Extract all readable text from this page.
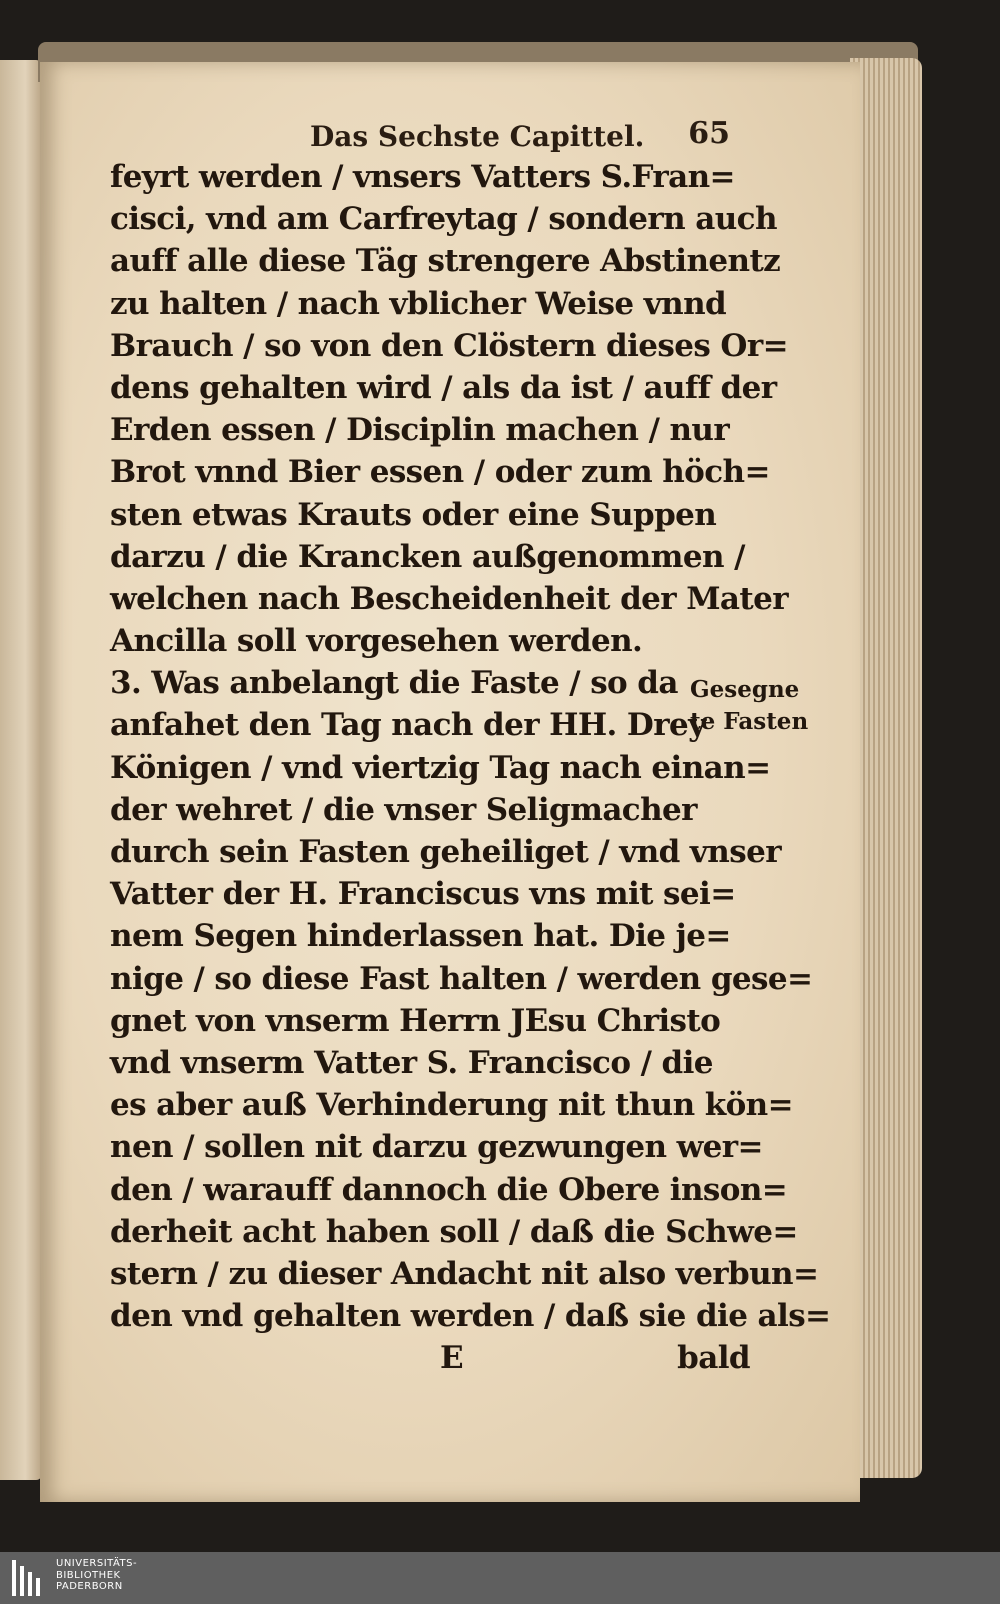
Das Sechste Capittel. 65
feyrt werden / vnsers Vatters S.Fran=
cisci, vnd am Carfreytag / sondern auch
auff alle diese Täg strengere Abstinentz
zu halten / nach vblicher Weise vnnd
Brauch / so von den Clöstern dieses Or=
dens gehalten wird / als da ist / auff der
Erden essen / Disciplin machen / nur
Brot vnnd Bier essen / oder zum höch=
sten etwas Krauts oder eine Suppen
darzu / die Krancken außgenommen /
welchen nach Bescheidenheit der Mater
Ancilla soll vorgesehen werden.
3. Was anbelangt die Faste / so da
anfahet den Tag nach der HH. Drey
Königen / vnd viertzig Tag nach einan=
der wehret / die vnser Seligmacher
durch sein Fasten geheiliget / vnd vnser
Vatter der H. Franciscus vns mit sei=
nem Segen hinderlassen hat. Die je=
nige / so diese Fast halten / werden gese=
gnet von vnserm Herrn JEsu Christo
vnd vnserm Vatter S. Francisco / die
es aber auß Verhinderung nit thun kön=
nen / sollen nit darzu gezwungen wer=
den / warauff dannoch die Obere inson=
derheit acht haben soll / daß die Schwe=
stern / zu dieser Andacht nit also verbun=
den vnd gehalten werden / daß sie die als=
E	bald
Gesegne
te Fasten
UNIVERSITÄTS-
BIBLIOTHEK
PADERBORN
